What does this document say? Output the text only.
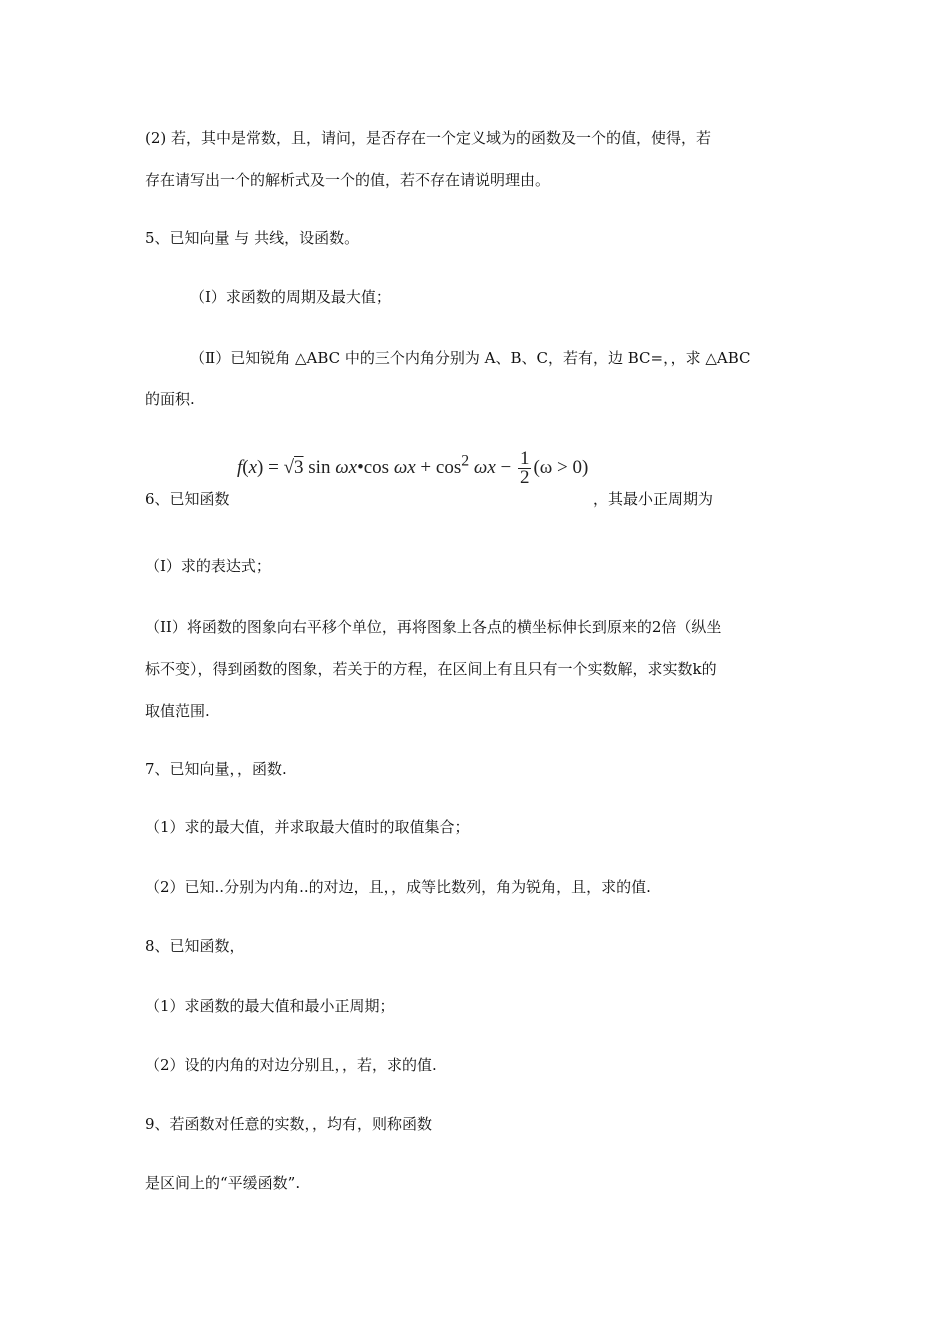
(2) 若，其中是常数，且，请问，是否存在一个定义域为的函数及一个的值，使得，若
存在请写出一个的解析式及一个的值，若不存在请说明理由。
5、已知向量 与 共线，设函数。
（Ⅰ）求函数的周期及最大值；
（Ⅱ）已知锐角 △ABC 中的三个内角分别为 A、B、C，若有，边 BC=，，求 △ABC
的面积.
f(x) = √3 sin ωx•cos $\omega x + \cos^2 \omega x - \frac{1}{2} (\omega > 0)$
6、已知函数	，其最小正周期为
（I）求的表达式；
（II）将函数的图象向右平移个单位，再将图象上各点的横坐标伸长到原来的2倍（纵坐
标不变），得到函数的图象，若关于的方程，在区间上有且只有一个实数解，求实数k的
取值范围.
7、已知向量，，函数.
（1）求的最大值，并求取最大值时的取值集合；
（2）已知..分别为内角..的对边，且，，成等比数列，角为锐角，且，求的值.
8、已知函数，
（1）求函数的最大值和最小正周期；
（2）设的内角的对边分别且，，若，求的值.
9、若函数对任意的实数，，均有，则称函数
是区间上的“平缓函数”.
